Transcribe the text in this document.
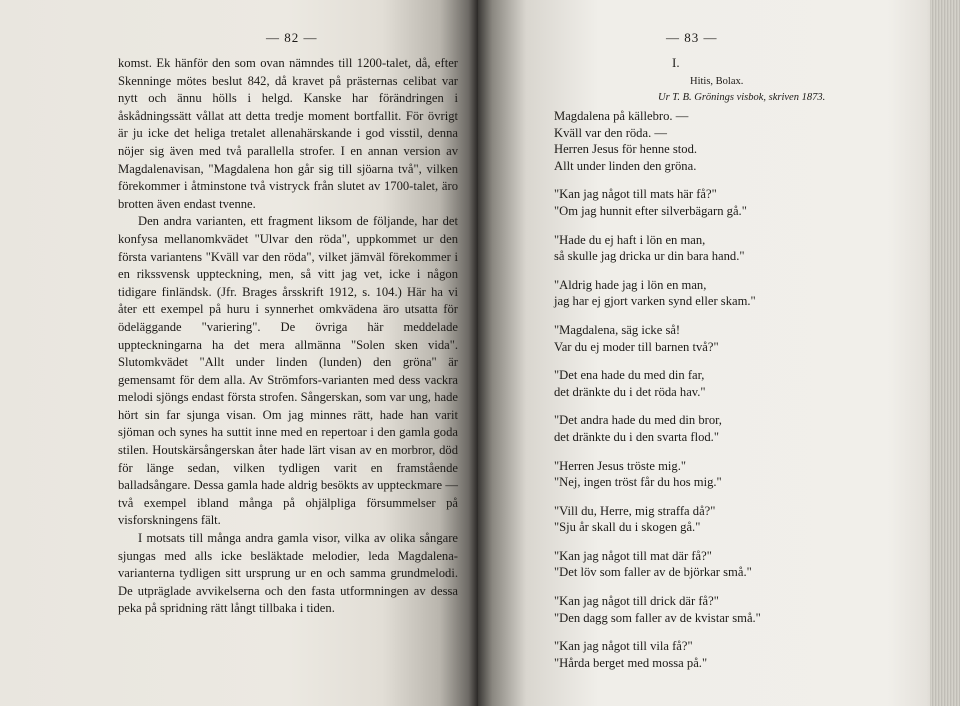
— 82 —

komst. Ek hänför den som ovan nämndes till 1200-talet, då, efter Skenninge mötes beslut 842, då kravet på prästernas celibat var nytt och ännu hölls i helgd. Kanske har förändringen i åskådningssätt vållat att detta tredje moment bortfallit. För övrigt är ju icke det heliga tretalet allenahärskande i god visstil, denna nöjer sig även med två parallella strofer. I en annan version av Magdalenavisan, "Magdalena hon går sig till sjöarna två", vilken förekommer i åtminstone två vistryck från slutet av 1700-talet, äro brotten även endast tvenne.

Den andra varianten, ett fragment liksom de följande, har det konfysa mellanomkvädet "Ulvar den röda", uppkommet ur den första variantens "Kväll var den röda", vilket jämväl förekommer i en rikssvensk uppteckning, men, så vitt jag vet, icke i någon tidigare finländsk. (Jfr. Brages årsskrift 1912, s. 104.) Här ha vi åter ett exempel på huru i synnerhet omkvädena äro utsatta för ödeläggande "variering". De övriga här meddelade uppteckningarna ha det mera allmänna "Solen sken vida". Slutomkvädet "Allt under linden (lunden) den gröna" är gemensamt för dem alla. Av Strömfors-varianten med dess vackra melodi sjöngs endast första strofen. Sångerskan, som var ung, hade hört sin far sjunga visan. Om jag minnes rätt, hade han varit sjöman och synes ha suttit inne med en repertoar i den gamla goda stilen. Houtskärsångerskan åter hade lärt visan av en morbror, död för länge sedan, vilken tydligen varit en framstående balladsångare. Dessa gamla hade aldrig besökts av uppteckmare — två exempel ibland många på ohjälpliga försummelser på visforskningens fält.

I motsats till många andra gamla visor, vilka av olika sångare sjungas med alls icke besläktade melodier, leda Magdalena-varianterna tydligen sitt ursprung ur en och samma grundmelodi. De utpräglade avvikelserna och den fasta utformningen av dessa peka på spridning rätt långt tillbaka i tiden.

— 83 —
I.
Hitis, Bolax.
Ur T. B. Grönings visbok, skriven 1873.
Magdalena på källebro. —
Kväll var den röda. —
Herren Jesus för henne stod.
Allt under linden den gröna.
"Kan jag något till mats här få?"
"Om jag hunnit efter silverbägarn gå."
"Hade du ej haft i lön en man,
så skulle jag dricka ur din bara hand."
"Aldrig hade jag i lön en man,
jag har ej gjort varken synd eller skam."
"Magdalena, säg icke så!
Var du ej moder till barnen två?"
"Det ena hade du med din far,
det dränkte du i det röda hav."
"Det andra hade du med din bror,
det dränkte du i den svarta flod."
"Herren Jesus tröste mig."
"Nej, ingen tröst får du hos mig."
"Vill du, Herre, mig straffa då?"
"Sju år skall du i skogen gå."
"Kan jag något till mat där få?"
"Det löv som faller av de björkar små."
"Kan jag något till drick där få?"
"Den dagg som faller av de kvistar små."
"Kan jag något till vila få?"
"Hårda berget med mossa på."
